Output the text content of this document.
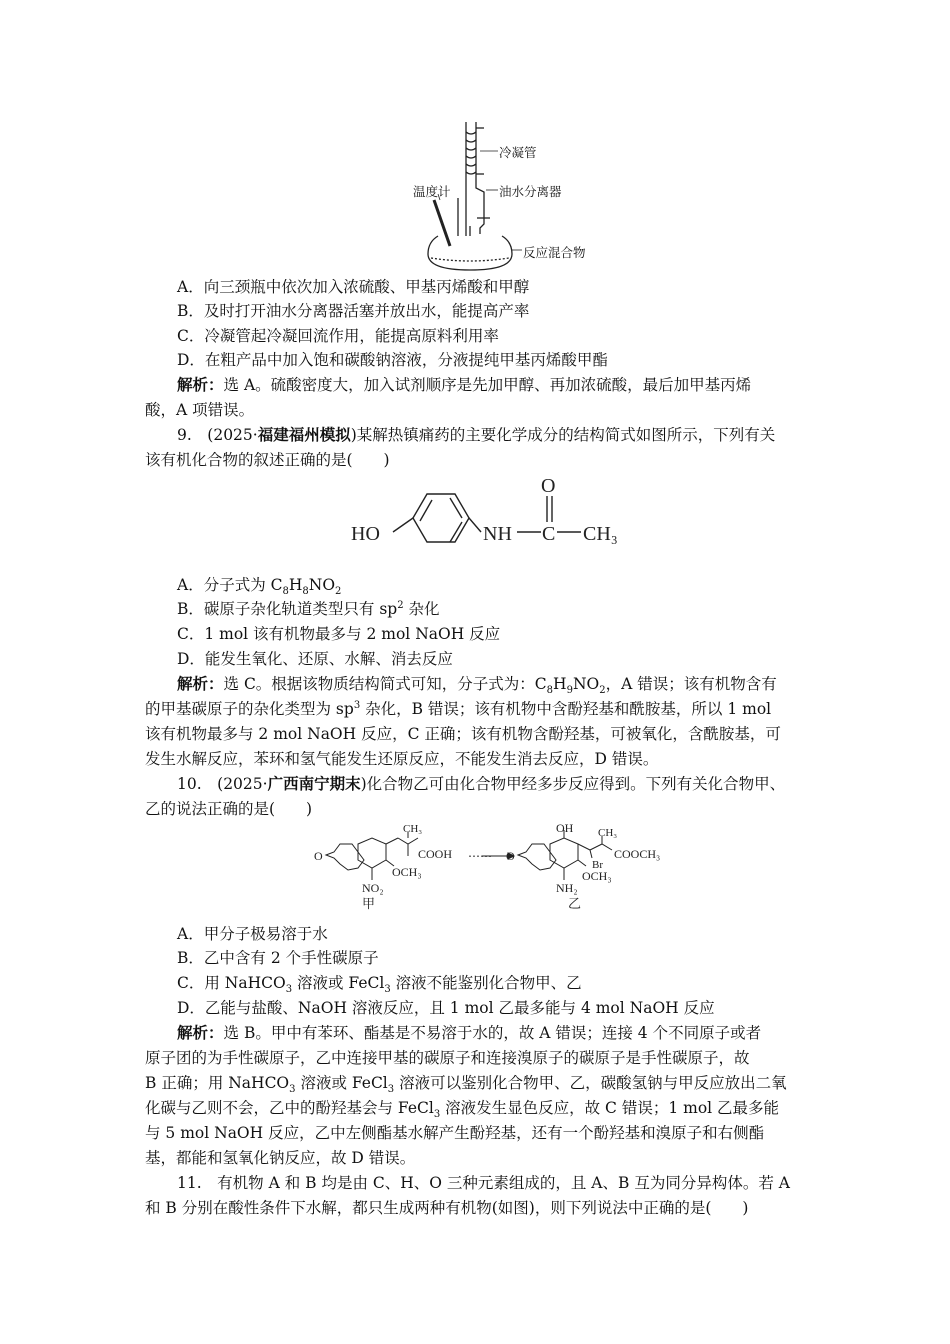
冷凝管
温度计	油水分离器
反应混合物
A．向三颈瓶中依次加入浓硫酸、甲基丙烯酸和甲醇
B．及时打开油水分离器活塞并放出水，能提高产率
C．冷凝管起冷凝回流作用，能提高原料利用率
D．在粗产品中加入饱和碳酸钠溶液，分液提纯甲基丙烯酸甲酯
解析：选 A。硫酸密度大，加入试剂顺序是先加甲醇、再加浓硫酸，最后加甲基丙烯
酸，A 项错误。
9.　(2025·福建福州模拟)某解热镇痛药的主要化学成分的结构简式如图所示，下列有关
该有机化合物的叙述正确的是(　　)
HO	NH C CH₃
O
A．分子式为 $C_8H_8NO_2$
B．碳原子杂化轨道类型只有 $sp^2$ 杂化
C．1 mol 该有机物最多与 2 mol NaOH 反应
D．能发生氧化、还原、水解、消去反应
解析：选 C。根据该物质结构简式可知，分子式为：$C_8H_9NO_2$，A 错误；该有机物含有
的甲基碳原子的杂化类型为 $sp^3$ 杂化，B 错误；该有机物中含酚羟基和酰胺基，所以 1 mol
该有机物最多与 2 mol NaOH 反应，C 正确；该有机物含酚羟基，可被氧化，含酰胺基，可
发生水解反应，苯环和氢气能发生还原反应，不能发生消去反应，D 错误。
10.　(2025·广西南宁期末)化合物乙可由化合物甲经多步反应得到。下列有关化合物甲、
乙的说法正确的是(　　)
O
CH₃
COOH
OCH₃
NO₂
甲
⋯⋯ O
OH CH₃
Br
COOCH₃
OCH₃
NH₂
乙
A．甲分子极易溶于水
B．乙中含有 2 个手性碳原子
C．用 NaHCO$_3$ 溶液或 FeCl$_3$ 溶液不能鉴别化合物甲、乙
D．乙能与盐酸、NaOH 溶液反应，且 1 mol 乙最多能与 4 mol NaOH 反应
解析：选 B。甲中有苯环、酯基是不易溶于水的，故 A 错误；连接 4 个不同原子或者
原子团的为手性碳原子，乙中连接甲基的碳原子和连接溴原子的碳原子是手性碳原子，故
B 正确；用 NaHCO$_3$ 溶液或 FeCl$_3$ 溶液可以鉴别化合物甲、乙，碳酸氢钠与甲反应放出二氧
化碳与乙则不会，乙中的酚羟基会与 FeCl$_3$ 溶液发生显色反应，故 C 错误；1 mol 乙最多能
与 5 mol NaOH 反应，乙中左侧酯基水解产生酚羟基，还有一个酚羟基和溴原子和右侧酯
基，都能和氢氧化钠反应，故 D 错误。
11.　有机物 A 和 B 均是由 C、H、O 三种元素组成的，且 A、B 互为同分异构体。若 A
和 B 分别在酸性条件下水解，都只生成两种有机物(如图)，则下列说法中正确的是(　　)
